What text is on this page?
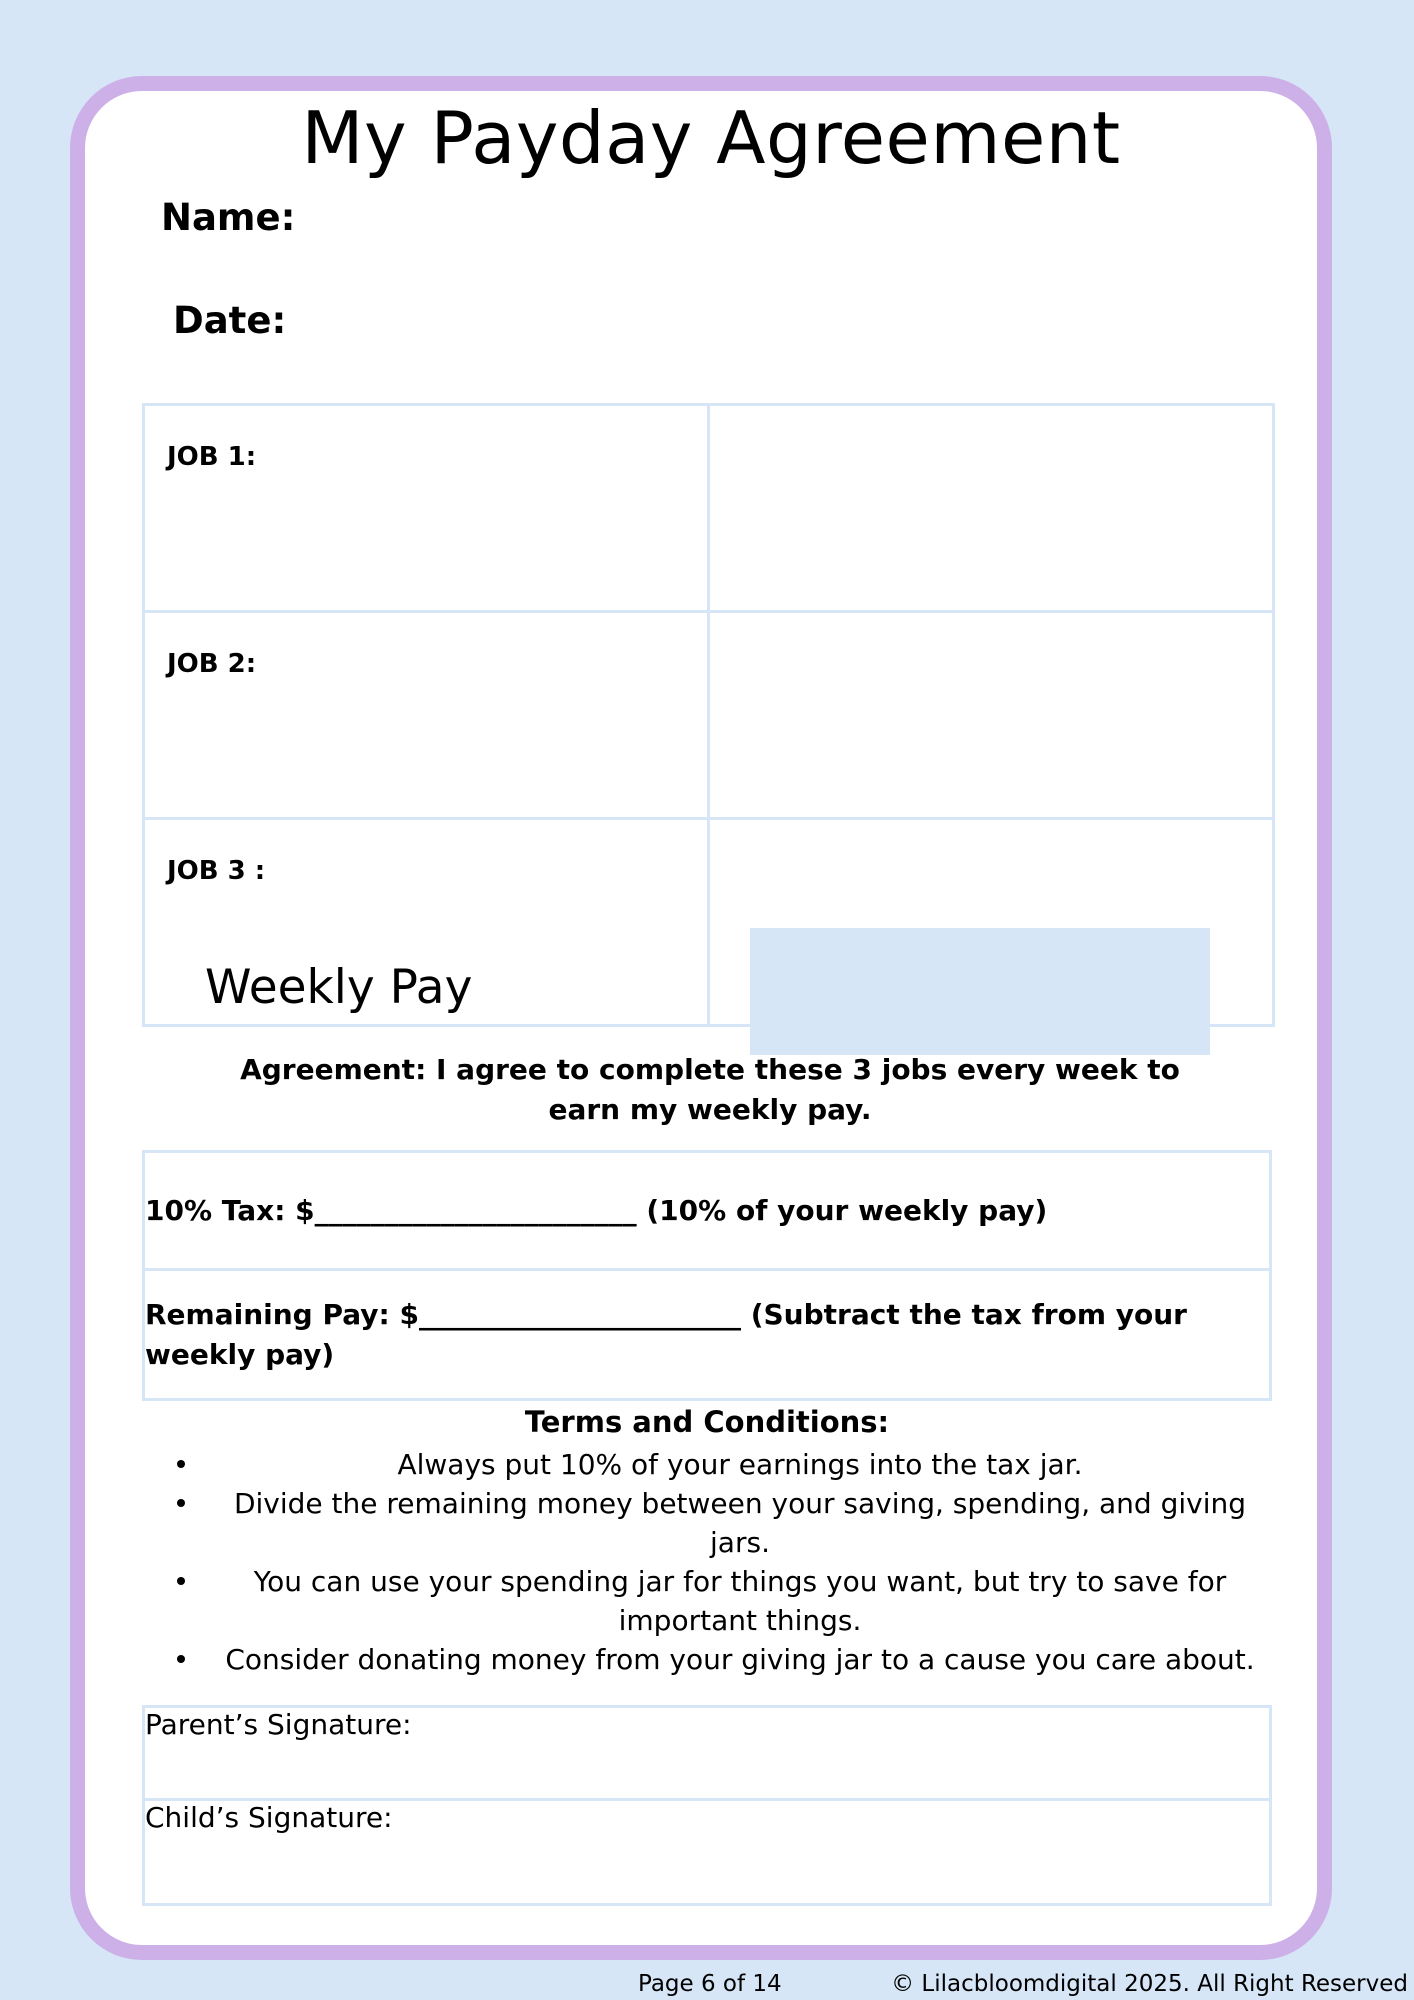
My Payday Agreement
Name:
Date:
JOB 1:	
JOB 2:	
JOB 3 :	
Weekly Pay
Agreement: I agree to complete these 3 jobs every week to earn my weekly pay.
10% Tax: $_______________________ (10% of your weekly pay)
Remaining Pay: $_______________________ (Subtract the tax from your weekly pay)
Terms and Conditions:
Always put 10% of your earnings into the tax jar.
Divide the remaining money between your saving, spending, and giving jars.
You can use your spending jar for things you want, but try to save for important things.
Consider donating money from your giving jar to a cause you care about.
Parent’s Signature:
Child’s Signature:
Page 6 of 14	© Lilacbloomdigital 2025. All Right Reserved
